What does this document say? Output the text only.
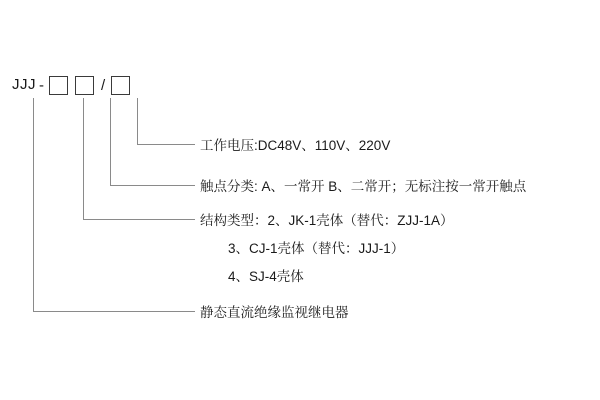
JJJ -	/
工作电压:DC48V、110V、220V
触点分类: A、一常开 B、二常开；无标注按一常开触点
结构类型：2、JK-1壳体（替代：ZJJ-1A）
3、CJ-1壳体（替代：JJJ-1）
4、SJ-4壳体
静态直流绝缘监视继电器
